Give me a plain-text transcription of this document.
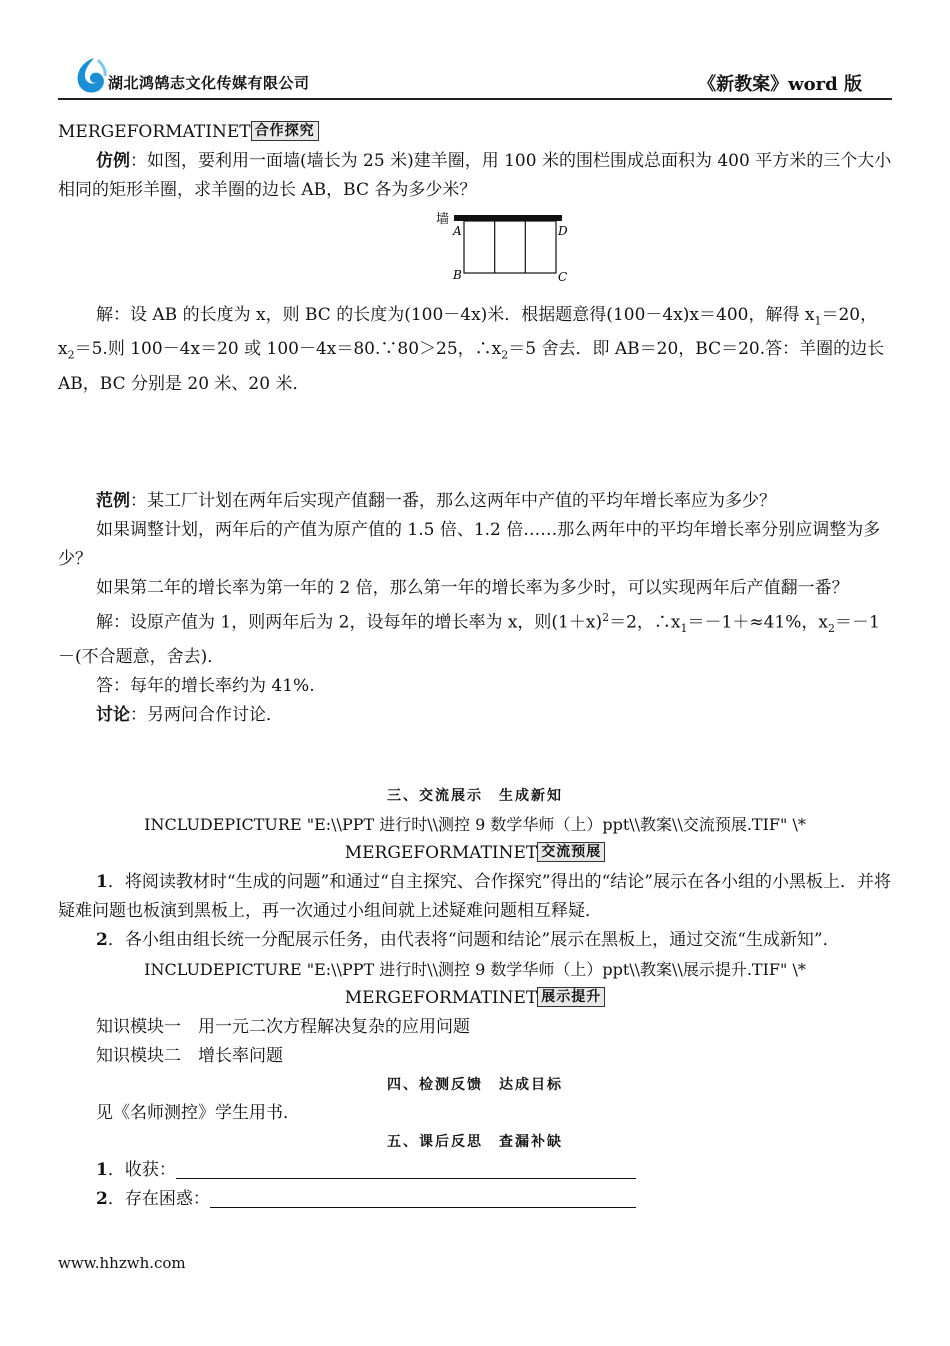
湖北鸿鹄志文化传媒有限公司	《新教案》word 版

MERGEFORMATINET 合作探究

仿例：如图，要利用一面墙(墙长为 25 米)建羊圈，用 100 米的围栏围成总面积为 400 平方米的三个大小相同的矩形羊圈，求羊圈的边长 AB，BC 各为多少米？

墙
A	D
B	C

解：设 AB 的长度为 x，则 BC 的长度为(100－4x)米．根据题意得(100－4x)x＝400，解得 $x_1=20$，$x_2=5$.则 100－4x＝20 或 100－4x＝80.∵80＞25，$\therefore x_2=5$ 舍去．即 AB＝20，BC＝20.答：羊圈的边长 AB，BC 分别是 20 米、20 米．

范例：某工厂计划在两年后实现产值翻一番，那么这两年中产值的平均年增长率应为多少？

如果调整计划，两年后的产值为原产值的 1.5 倍、1.2 倍……那么两年中的平均年增长率分别应调整为多少？

如果第二年的增长率为第一年的 2 倍，那么第一年的增长率为多少时，可以实现两年后产值翻一番？

解：设原产值为 1，则两年后为 2，设每年的增长率为 x，则$(1+x)^2=2$，$\therefore x_1=-1+\approx 41\%$，$x_2=-1-$(不合题意，舍去)．

答：每年的增长率约为 41%.

讨论：另两问合作讨论．

三、交流展示　生成新知

INCLUDEPICTURE "E:\\PPT 进行时\\测控 9 数学华师（上）ppt\\教案\\交流预展.TIF" \*

MERGEFORMATINET 交流预展

1．将阅读教材时“生成的问题”和通过“自主探究、合作探究”得出的“结论”展示在各小组的小黑板上．并将疑难问题也板演到黑板上，再一次通过小组间就上述疑难问题相互释疑．

2．各小组由组长统一分配展示任务，由代表将“问题和结论”展示在黑板上，通过交流“生成新知”．

INCLUDEPICTURE "E:\\PPT 进行时\\测控 9 数学华师（上）ppt\\教案\\展示提升.TIF" \*

MERGEFORMATINET 展示提升

知识模块一　用一元二次方程解决复杂的应用问题

知识模块二　增长率问题

四、检测反馈　达成目标

见《名师测控》学生用书．

五、课后反思　查漏补缺

1．收获：

2．存在困惑：

www.hhzwh.com
